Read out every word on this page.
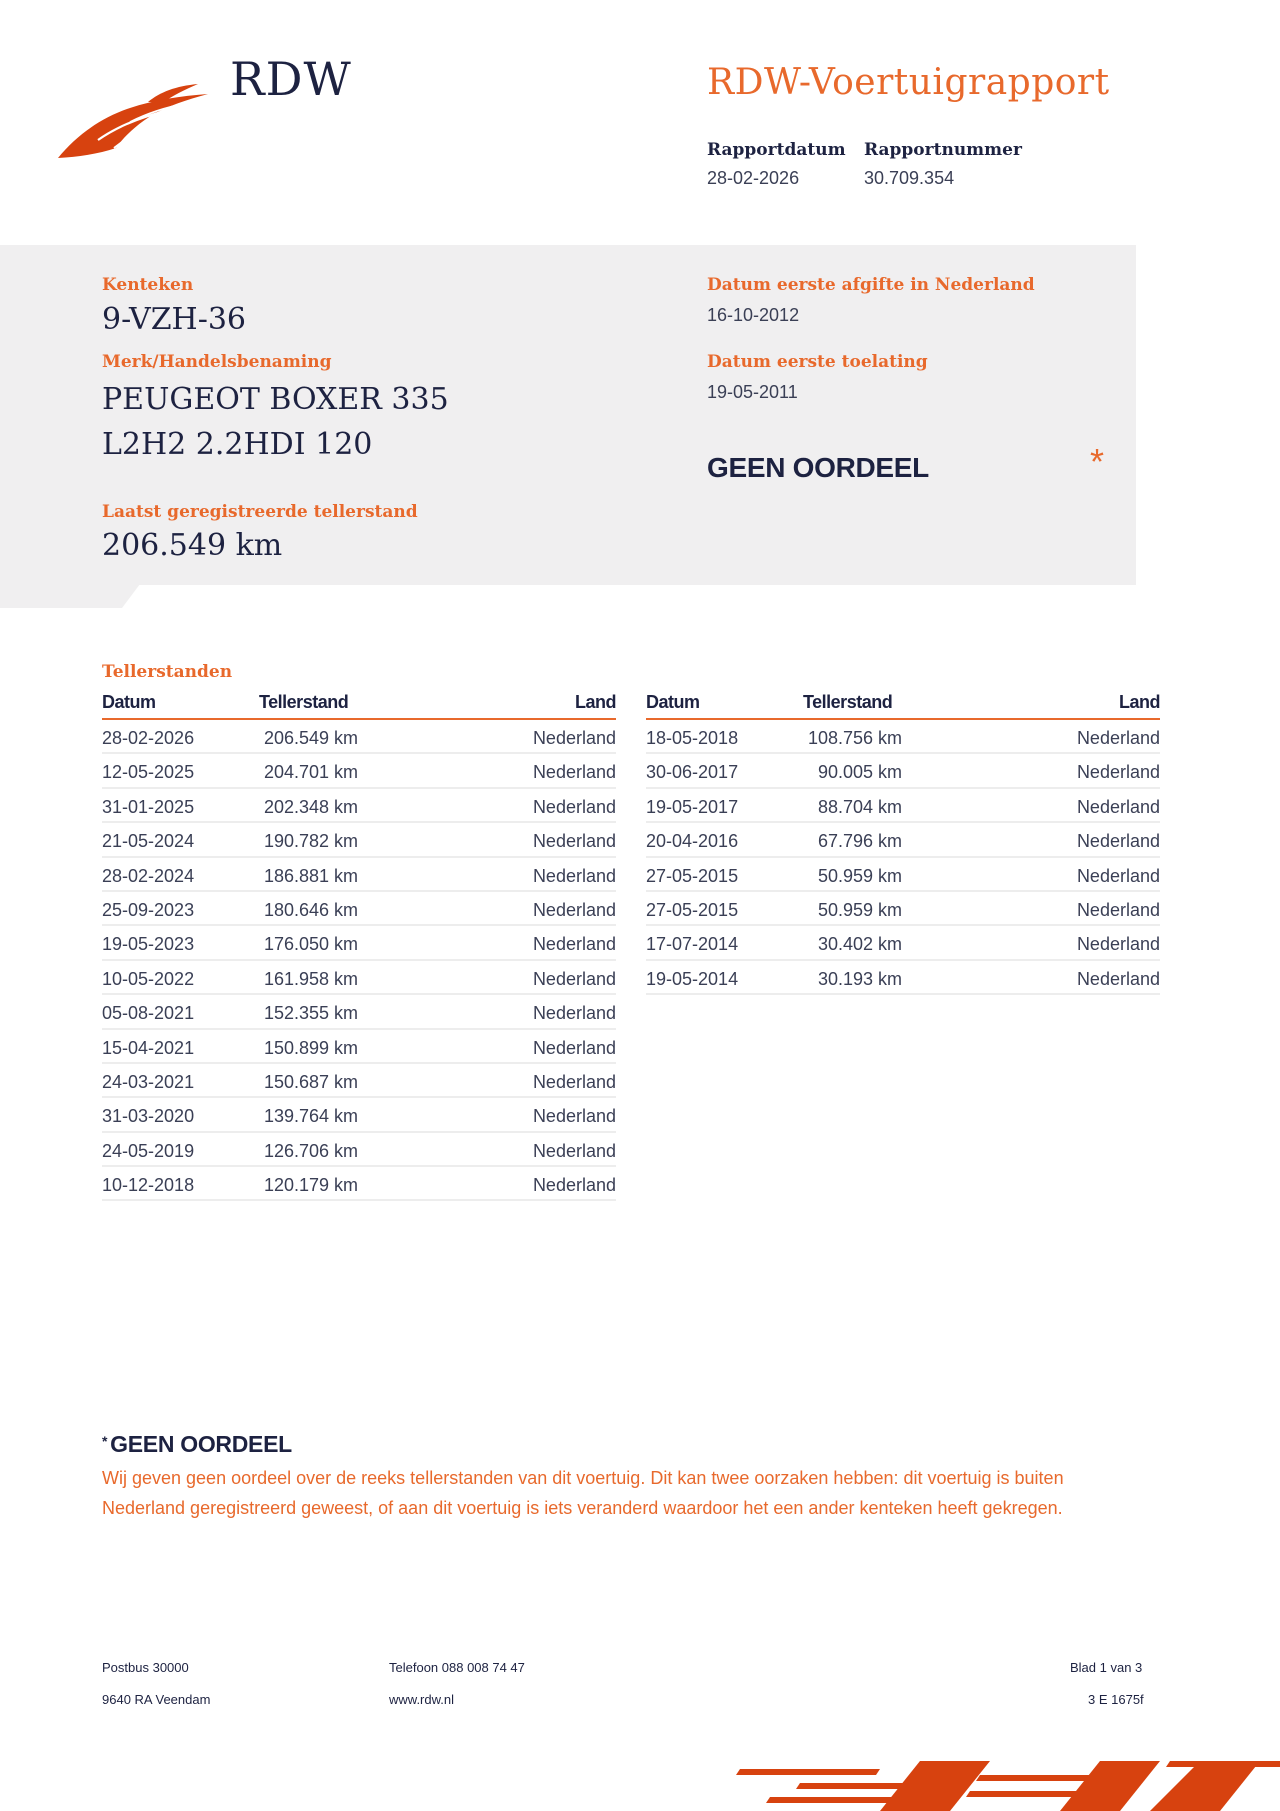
RDW	RDW-Voertuigrapport
Rapportdatum
28-02-2026
Rapportnummer
30.709.354
Kenteken
9-VZH-36
Merk/Handelsbenaming
PEUGEOT BOXER 335
L2H2 2.2HDI 120
Laatst geregistreerde tellerstand
206.549 km
Datum eerste afgifte in Nederland
16-10-2012
Datum eerste toelating
19-05-2011
GEEN OORDEEL	*
Tellerstanden
Datum	Tellerstand	Land
28-02-2026	206.549 km	Nederland
12-05-2025	204.701 km	Nederland
31-01-2025	202.348 km	Nederland
21-05-2024	190.782 km	Nederland
28-02-2024	186.881 km	Nederland
25-09-2023	180.646 km	Nederland
19-05-2023	176.050 km	Nederland
10-05-2022	161.958 km	Nederland
05-08-2021	152.355 km	Nederland
15-04-2021	150.899 km	Nederland
24-03-2021	150.687 km	Nederland
31-03-2020	139.764 km	Nederland
24-05-2019	126.706 km	Nederland
10-12-2018	120.179 km	Nederland
Datum	Tellerstand	Land
18-05-2018	108.756 km	Nederland
30-06-2017	90.005 km	Nederland
19-05-2017	88.704 km	Nederland
20-04-2016	67.796 km	Nederland
27-05-2015	50.959 km	Nederland
27-05-2015	50.959 km	Nederland
17-07-2014	30.402 km	Nederland
19-05-2014	30.193 km	Nederland
* GEEN OORDEEL
Wij geven geen oordeel over de reeks tellerstanden van dit voertuig. Dit kan twee oorzaken hebben: dit voertuig is buiten Nederland geregistreerd geweest, of aan dit voertuig is iets veranderd waardoor het een ander kenteken heeft gekregen.
Postbus 30000
9640 RA Veendam
Telefoon 088 008 74 47
www.rdw.nl
Blad 1 van 3
3 E 1675f
